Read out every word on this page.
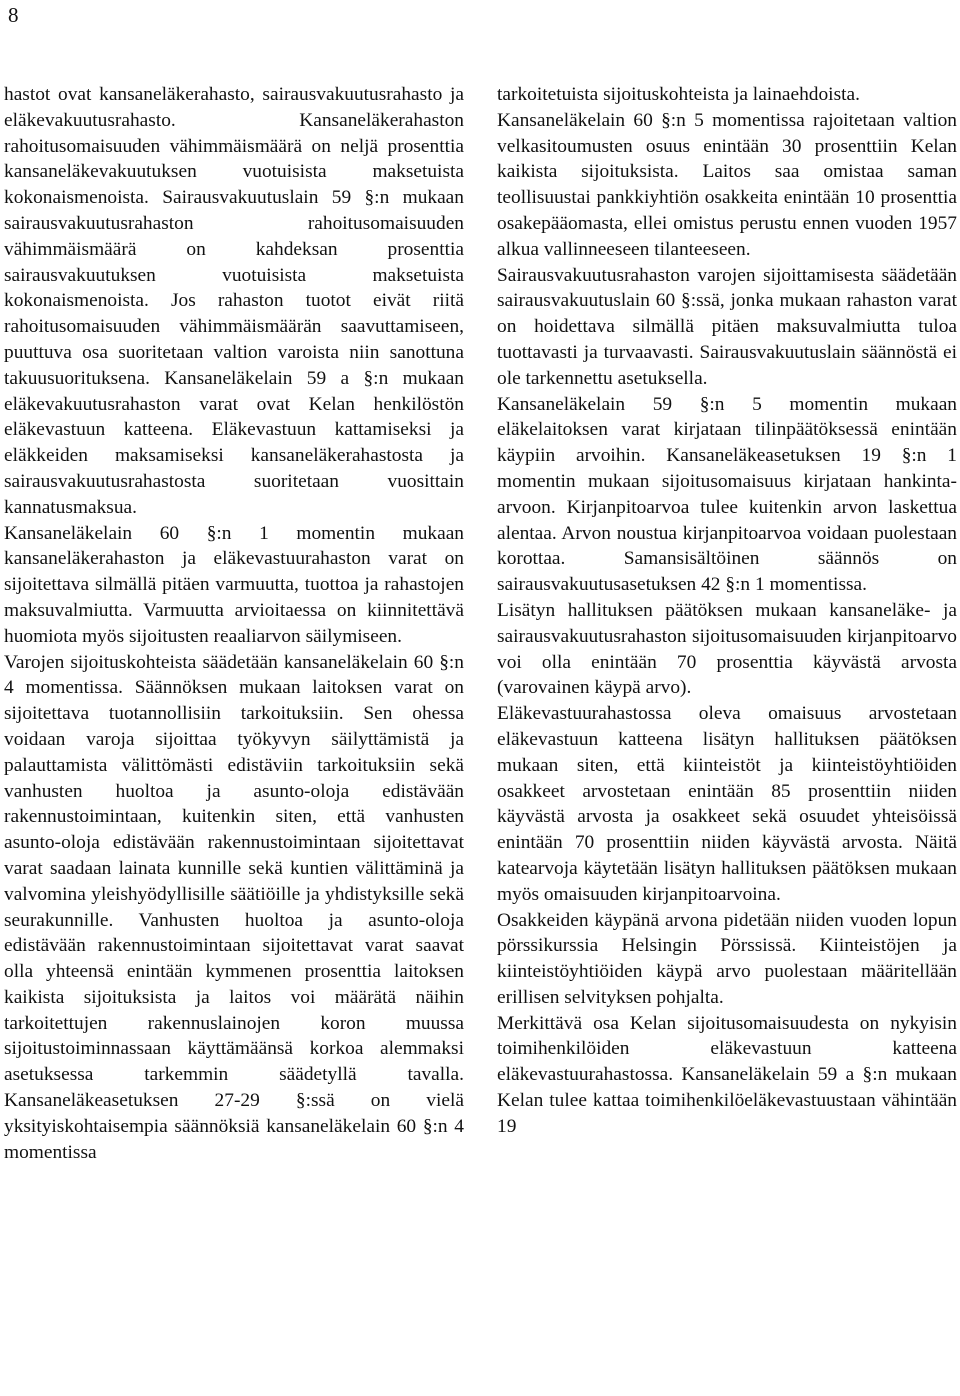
8

hastot ovat kansaneläkerahasto, sairausvakuutusrahasto ja eläkevakuutusrahasto. Kansaneläkerahaston rahoitusomaisuuden vähimmäismäärä on neljä prosenttia kansaneläkevakuutuksen vuotuisista maksetuista kokonaismenoista. Sairausvakuutuslain 59 §:n mukaan sairausvakuutusrahaston rahoitusomaisuuden vähimmäismäärä on kahdeksan prosenttia sairausvakuutuksen vuotuisista maksetuista kokonaismenoista. Jos rahaston tuotot eivät riitä rahoitusomaisuuden vähimmäismäärän saavuttamiseen, puuttuva osa suoritetaan valtion varoista niin sanottuna takuusuorituksena. Kansaneläkelain 59 a §:n mukaan eläkevakuutusrahaston varat ovat Kelan henkilöstön eläkevastuun katteena. Eläkevastuun kattamiseksi ja eläkkeiden maksamiseksi kansaneläkerahastosta ja sairausvakuutusrahastosta suoritetaan vuosittain kannatusmaksua.

Kansaneläkelain 60 §:n 1 momentin mukaan kansaneläkerahaston ja eläkevastuurahaston varat on sijoitettava silmällä pitäen varmuutta, tuottoa ja rahastojen maksuvalmiutta. Varmuutta arvioitaessa on kiinnitettävä huomiota myös sijoitusten reaaliarvon säilymiseen.

Varojen sijoituskohteista säädetään kansaneläkelain 60 §:n 4 momentissa. Säännöksen mukaan laitoksen varat on sijoitettava tuotannollisiin tarkoituksiin. Sen ohessa voidaan varoja sijoittaa työkyvyn säilyttämistä ja palauttamista välittömästi edistäviin tarkoituksiin sekä vanhusten huoltoa ja asunto-oloja edistävään rakennustoimintaan, kuitenkin siten, että vanhusten asunto-oloja edistävään rakennustoimintaan sijoitettavat varat saadaan lainata kunnille sekä kuntien välittäminä ja valvomina yleishyödyllisille säätiöille ja yhdistyksille sekä seurakunnille. Vanhusten huoltoa ja asunto-oloja edistävään rakennustoimintaan sijoitettavat varat saavat olla yhteensä enintään kymmenen prosenttia laitoksen kaikista sijoituksista ja laitos voi määrätä näihin tarkoitettujen rakennuslainojen koron muussa sijoitustoiminnassaan käyttämäänsä korkoa alemmaksi asetuksessa tarkemmin säädetyllä tavalla. Kansaneläkeasetuksen 27-29 §:ssä on vielä yksityiskohtaisempia säännöksiä kansaneläkelain 60 §:n 4 momentissa

tarkoitetuista sijoituskohteista ja lainaehdoista.

Kansaneläkelain 60 §:n 5 momentissa rajoitetaan valtion velkasitoumusten osuus enintään 30 prosenttiin Kelan kaikista sijoituksista. Laitos saa omistaa saman teollisuustai pankkiyhtiön osakkeita enintään 10 prosenttia osakepääomasta, ellei omistus perustu ennen vuoden 1957 alkua vallinneeseen tilanteeseen.

Sairausvakuutusrahaston varojen sijoittamisesta säädetään sairausvakuutuslain 60 §:ssä, jonka mukaan rahaston varat on hoidettava silmällä pitäen maksuvalmiutta tuloa tuottavasti ja turvaavasti. Sairausvakuutuslain säännöstä ei ole tarkennettu asetuksella.

Kansaneläkelain 59 §:n 5 momentin mukaan eläkelaitoksen varat kirjataan tilinpäätöksessä enintään käypiin arvoihin. Kansaneläkeasetuksen 19 §:n 1 momentin mukaan sijoitusomaisuus kirjataan hankinta-arvoon. Kirjanpitoarvoa tulee kuitenkin arvon laskettua alentaa. Arvon noustua kirjanpitoarvoa voidaan puolestaan korottaa. Samansisältöinen säännös on sairausvakuutusasetuksen 42 §:n 1 momentissa.

Lisätyn hallituksen päätöksen mukaan kansaneläke- ja sairausvakuutusrahaston sijoitusomaisuuden kirjanpitoarvo voi olla enintään 70 prosenttia käyvästä arvosta (varovainen käypä arvo).

Eläkevastuurahastossa oleva omaisuus arvostetaan eläkevastuun katteena lisätyn hallituksen päätöksen mukaan siten, että kiinteistöt ja kiinteistöyhtiöiden osakkeet arvostetaan enintään 85 prosenttiin niiden käyvästä arvosta ja osakkeet sekä osuudet yhteisöissä enintään 70 prosenttiin niiden käyvästä arvosta. Näitä katearvoja käytetään lisätyn hallituksen päätöksen mukaan myös omaisuuden kirjanpitoarvoina.

Osakkeiden käypänä arvona pidetään niiden vuoden lopun pörssikurssia Helsingin Pörssissä. Kiinteistöjen ja kiinteistöyhtiöiden käypä arvo puolestaan määritellään erillisen selvityksen pohjalta.

Merkittävä osa Kelan sijoitusomaisuudesta on nykyisin toimihenkilöiden eläkevastuun katteena eläkevastuurahastossa. Kansaneläkelain 59 a §:n mukaan Kelan tulee kattaa toimihenkilöeläkevastuustaan vähintään 19
